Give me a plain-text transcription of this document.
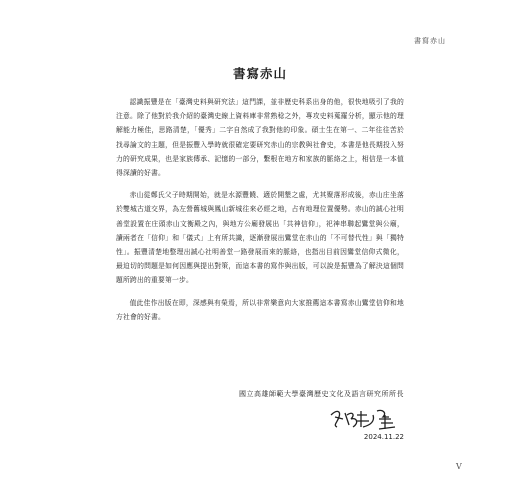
書寫赤山
書寫赤山

認識振豐是在「臺灣史料與研究法」這門課，並非歷史科系出身的他，很快地吸引了我的注意。除了他對於我介紹的臺灣史線上資料庫非常熟稔之外，專攻史料蒐羅分析，顯示他的理解能力極佳，思路清楚，「優秀」二字自然成了我對他的印象。碩士生在第一、二年往往苦於找尋論文的主題，但是振豐入學時就很確定要研究赤山的宗教與社會史，本書是他長期投入努力的研究成果，也是家族傳承、記憶的一部分，繫根在地方和家族的脈絡之上，相信是一本值得深讀的好書。

赤山從鄭氏父子時期開始，就是水源豐饒、適於開墾之處，尤其聚落形成後，赤山庄坐落於雙城古道交界，為左營舊城與鳳山新城往來必經之地，占有地理位置優勢。赤山的誠心社明善堂設置在庄頭赤山文衡殿之內，與地方公廟發展出「共神信仰」，祀神串聯起鸞堂與公廟，讀兩者在「信仰」和「儀式」上有所共識，逐漸發展出鸞堂在赤山的「不可替代性」與「獨特性」。振豐清楚地整理出誠心社明善堂一路發展而來的脈絡，也指出目前因鸞堂信仰式微化，最迫切的問題是如何因應與提出對策，而這本書的寫作與出版，可以說是振豐為了解決這個問題所跨出的重要第一步。

值此佳作出版在即，深感與有榮焉，所以非常樂意向大家推薦這本書寫赤山鸞堂信仰和地方社會的好書。

國立高雄師範大學臺灣歷史文化及語言研究所所長
2024.11.22
V
